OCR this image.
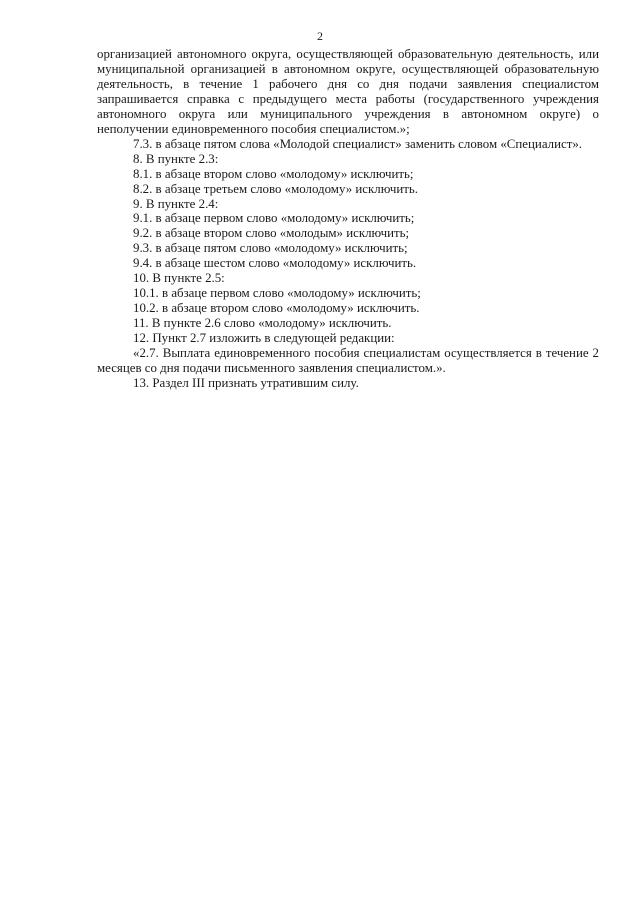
2

организацией автономного округа, осуществляющей образовательную деятельность, или муниципальной организацией в автономном округе, осуществляющей образовательную деятельность, в течение 1 рабочего дня со дня подачи заявления специалистом запрашивается справка с предыдущего места работы (государственного учреждения автономного округа или муниципального учреждения в автономном округе) о неполучении единовременного пособия специалистом.»;

7.3. в абзаце пятом слова «Молодой специалист» заменить словом «Специалист».

8. В пункте 2.3:

8.1. в абзаце втором слово «молодому» исключить;

8.2. в абзаце третьем слово «молодому» исключить.

9. В пункте 2.4:

9.1. в абзаце первом слово «молодому» исключить;

9.2. в абзаце втором слово «молодым» исключить;

9.3. в абзаце пятом слово «молодому» исключить;

9.4. в абзаце шестом слово «молодому» исключить.

10. В пункте 2.5:

10.1. в абзаце первом слово «молодому» исключить;

10.2. в абзаце втором слово «молодому» исключить.

11. В пункте 2.6 слово «молодому» исключить.

12. Пункт 2.7 изложить в следующей редакции:

«2.7. Выплата единовременного пособия специалистам осуществляется в течение 2 месяцев со дня подачи письменного заявления специалистом.».

13. Раздел III признать утратившим силу.
